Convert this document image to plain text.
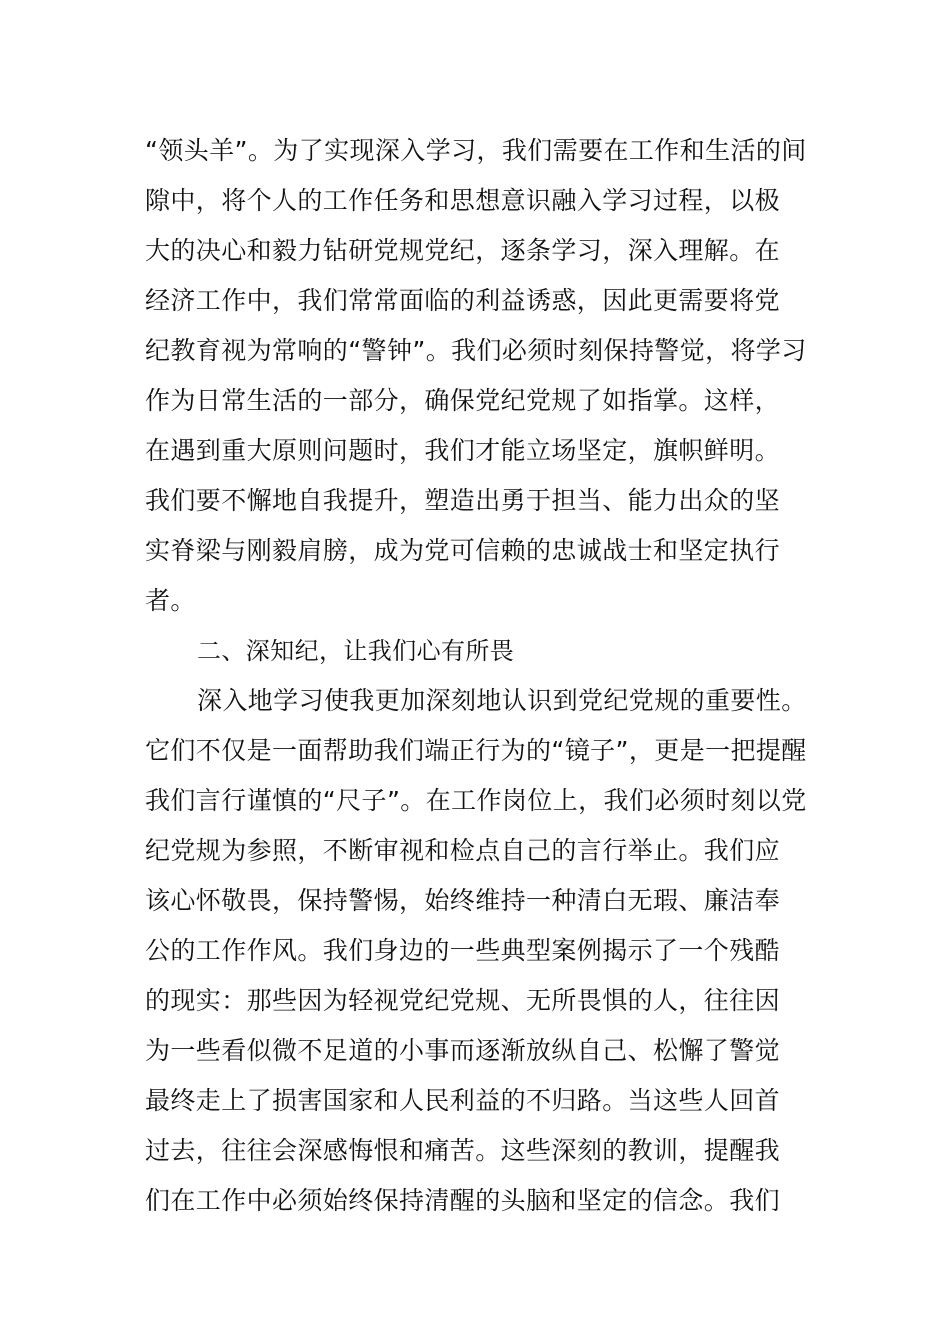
“领头羊”。为了实现深入学习，我们需要在工作和生活的间
隙中，将个人的工作任务和思想意识融入学习过程，以极
大的决心和毅力钻研党规党纪，逐条学习，深入理解。在
经济工作中，我们常常面临的利益诱惑，因此更需要将党
纪教育视为常响的“警钟”。我们必须时刻保持警觉，将学习
作为日常生活的一部分，确保党纪党规了如指掌。这样，
在遇到重大原则问题时，我们才能立场坚定，旗帜鲜明。
我们要不懈地自我提升，塑造出勇于担当、能力出众的坚
实脊梁与刚毅肩膀，成为党可信赖的忠诚战士和坚定执行
者。
二、深知纪，让我们心有所畏
深入地学习使我更加深刻地认识到党纪党规的重要性。
它们不仅是一面帮助我们端正行为的“镜子”，更是一把提醒
我们言行谨慎的“尺子”。在工作岗位上，我们必须时刻以党
纪党规为参照，不断审视和检点自己的言行举止。我们应
该心怀敬畏，保持警惕，始终维持一种清白无瑕、廉洁奉
公的工作作风。我们身边的一些典型案例揭示了一个残酷
的现实：那些因为轻视党纪党规、无所畏惧的人，往往因
为一些看似微不足道的小事而逐渐放纵自己、松懈了警觉
最终走上了损害国家和人民利益的不归路。当这些人回首
过去，往往会深感悔恨和痛苦。这些深刻的教训，提醒我
们在工作中必须始终保持清醒的头脑和坚定的信念。我们
